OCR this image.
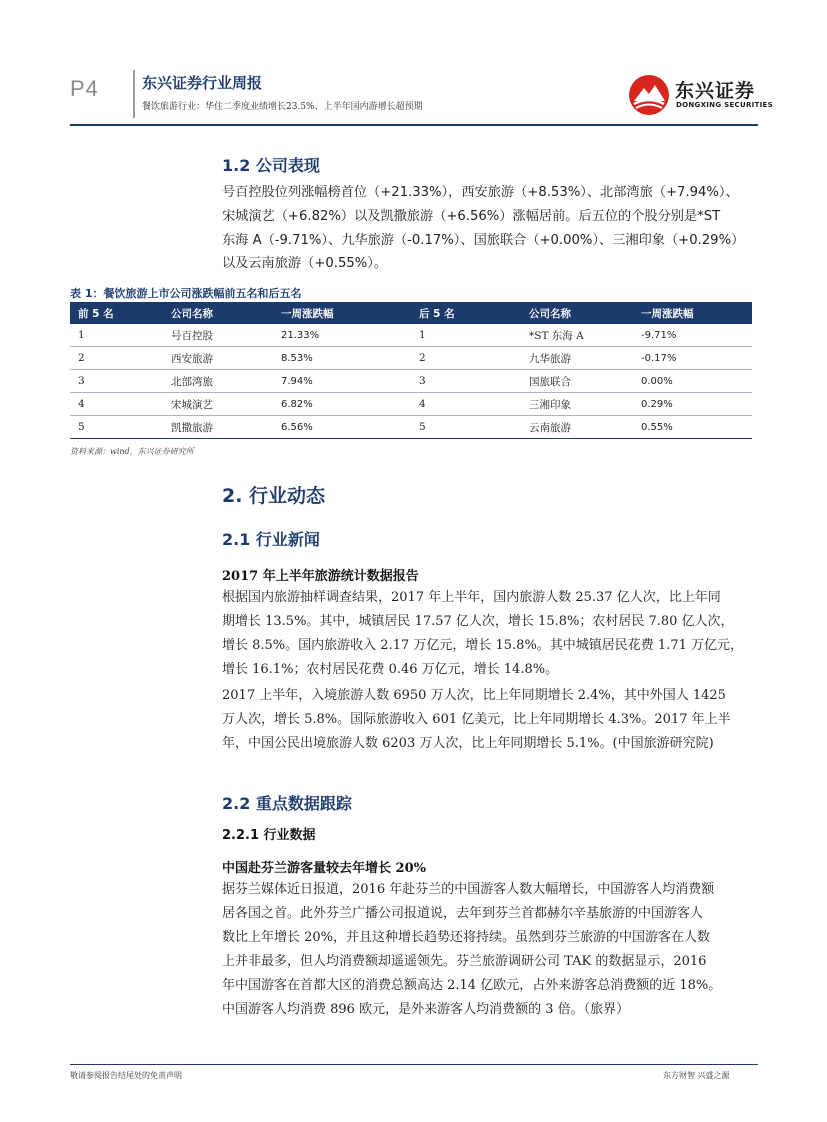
P4	东兴证券行业周报
餐饮旅游行业：华住二季度业绩增长23.5%、上半年国内游增长超预期
东兴证券
DONGXING SECURITIES
1.2 公司表现
号百控股位列涨幅榜首位（+21.33%），西安旅游（+8.53%）、北部湾旅（+7.94%）、
宋城演艺（+6.82%）以及凯撒旅游（+6.56%）涨幅居前。后五位的个股分别是*ST
东海 A（-9.71%）、九华旅游（-0.17%）、国旅联合（+0.00%）、三湘印象（+0.29%）
以及云南旅游（+0.55%）。
表 1：餐饮旅游上市公司涨跌幅前五名和后五名
前 5 名	公司名称	一周涨跌幅	后 5 名	公司名称	一周涨跌幅
1	号百控股	21.33%	1	*ST 东海 A	-9.71%
2	西安旅游	8.53%	2	九华旅游	-0.17%
3	北部湾旅	7.94%	3	国旅联合	0.00%
4	宋城演艺	6.82%	4	三湘印象	0.29%
5	凯撒旅游	6.56%	5	云南旅游	0.55%
资料来源：wind，东兴证券研究所
2. 行业动态
2.1 行业新闻
2017 年上半年旅游统计数据报告
根据国内旅游抽样调查结果，2017 年上半年，国内旅游人数 25.37 亿人次，比上年同
期增长 13.5%。其中，城镇居民 17.57 亿人次，增长 15.8%；农村居民 7.80 亿人次，
增长 8.5%。国内旅游收入 2.17 万亿元，增长 15.8%。其中城镇居民花费 1.71 万亿元，
增长 16.1%；农村居民花费 0.46 万亿元，增长 14.8%。
2017 上半年，入境旅游人数 6950 万人次，比上年同期增长 2.4%，其中外国人 1425
万人次，增长 5.8%。国际旅游收入 601 亿美元，比上年同期增长 4.3%。2017 年上半
年，中国公民出境旅游人数 6203 万人次，比上年同期增长 5.1%。(中国旅游研究院)
2.2 重点数据跟踪
2.2.1 行业数据
中国赴芬兰游客量较去年增长 20%
据芬兰媒体近日报道，2016 年赴芬兰的中国游客人数大幅增长，中国游客人均消费额
居各国之首。此外芬兰广播公司报道说，去年到芬兰首都赫尔辛基旅游的中国游客人
数比上年增长 20%，并且这种增长趋势还将持续。虽然到芬兰旅游的中国游客在人数
上并非最多，但人均消费额却遥遥领先。芬兰旅游调研公司 TAK 的数据显示，2016
年中国游客在首都大区的消费总额高达 2.14 亿欧元，占外来游客总消费额的近 18%。
中国游客人均消费 896 欧元，是外来游客人均消费额的 3 倍。（旅界）
敬请参阅报告结尾处的免责声明	东方财智 兴盛之源
